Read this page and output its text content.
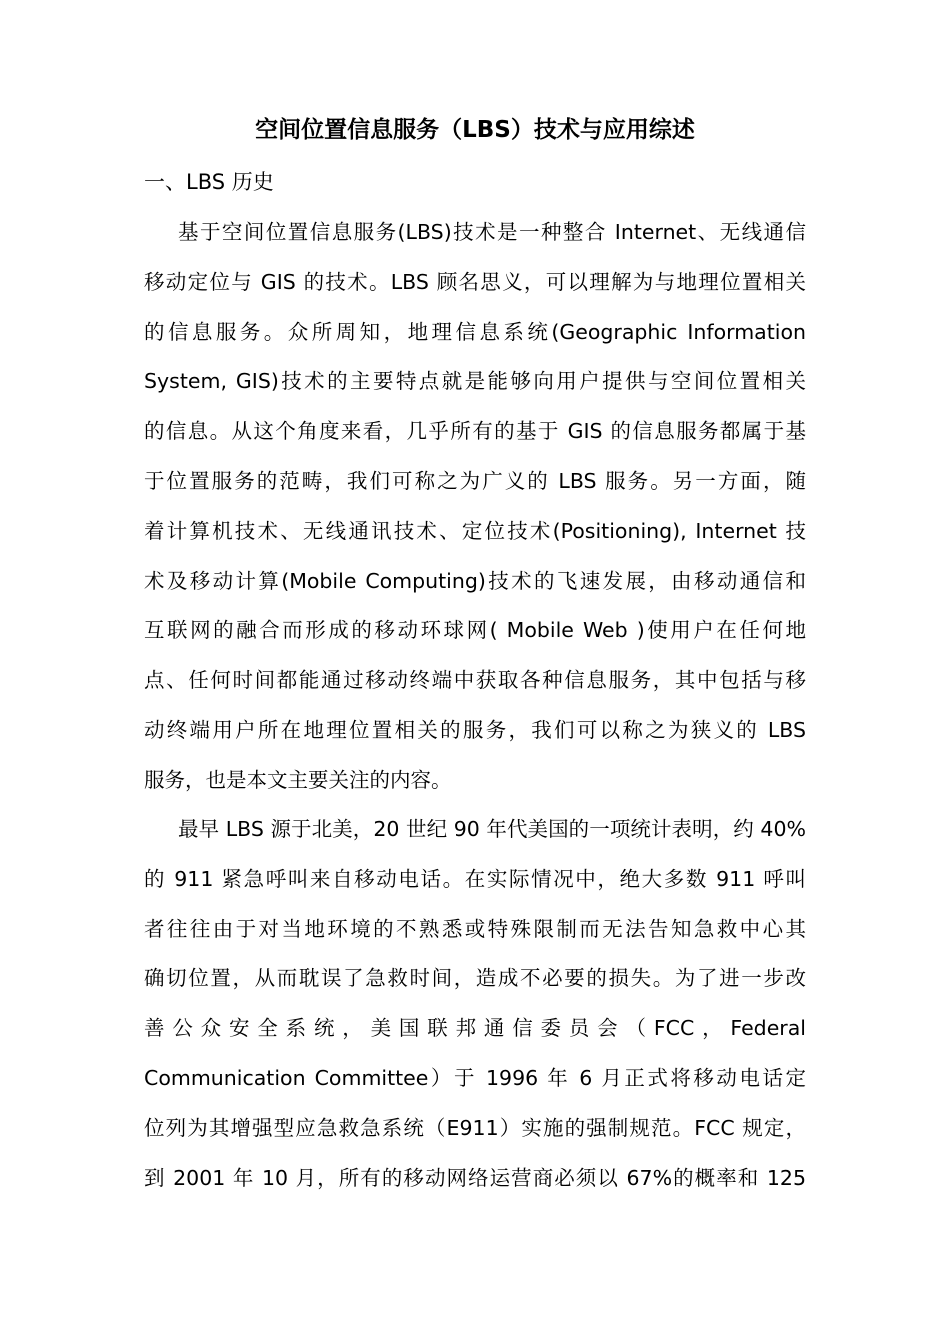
空间位置信息服务（LBS）技术与应用综述
一、LBS 历史
基于空间位置信息服务(LBS)技术是一种整合 Internet、无线通信
移动定位与 GIS 的技术。LBS 顾名思义，可以理解为与地理位置相关
的信息服务。众所周知，地理信息系统(Geographic Information
System, GIS)技术的主要特点就是能够向用户提供与空间位置相关
的信息。从这个角度来看，几乎所有的基于 GIS 的信息服务都属于基
于位置服务的范畴，我们可称之为广义的 LBS 服务。另一方面，随
着计算机技术、无线通讯技术、定位技术(Positioning), Internet 技
术及移动计算(Mobile Computing)技术的飞速发展，由移动通信和
互联网的融合而形成的移动环球网( Mobile Web )使用户在任何地
点、任何时间都能通过移动终端中获取各种信息服务，其中包括与移
动终端用户所在地理位置相关的服务，我们可以称之为狭义的 LBS
服务，也是本文主要关注的内容。
最早 LBS 源于北美，20 世纪 90 年代美国的一项统计表明，约 40%
的 911 紧急呼叫来自移动电话。在实际情况中，绝大多数 911 呼叫
者往往由于对当地环境的不熟悉或特殊限制而无法告知急救中心其
确切位置，从而耽误了急救时间，造成不必要的损失。为了进一步改
善公众安全系统，美国联邦通信委员会（FCC，Federal
Communication Committee）于 1996 年 6 月正式将移动电话定
位列为其增强型应急救急系统（E911）实施的强制规范。FCC 规定，
到 2001 年 10 月，所有的移动网络运营商必须以 67%的概率和 125
